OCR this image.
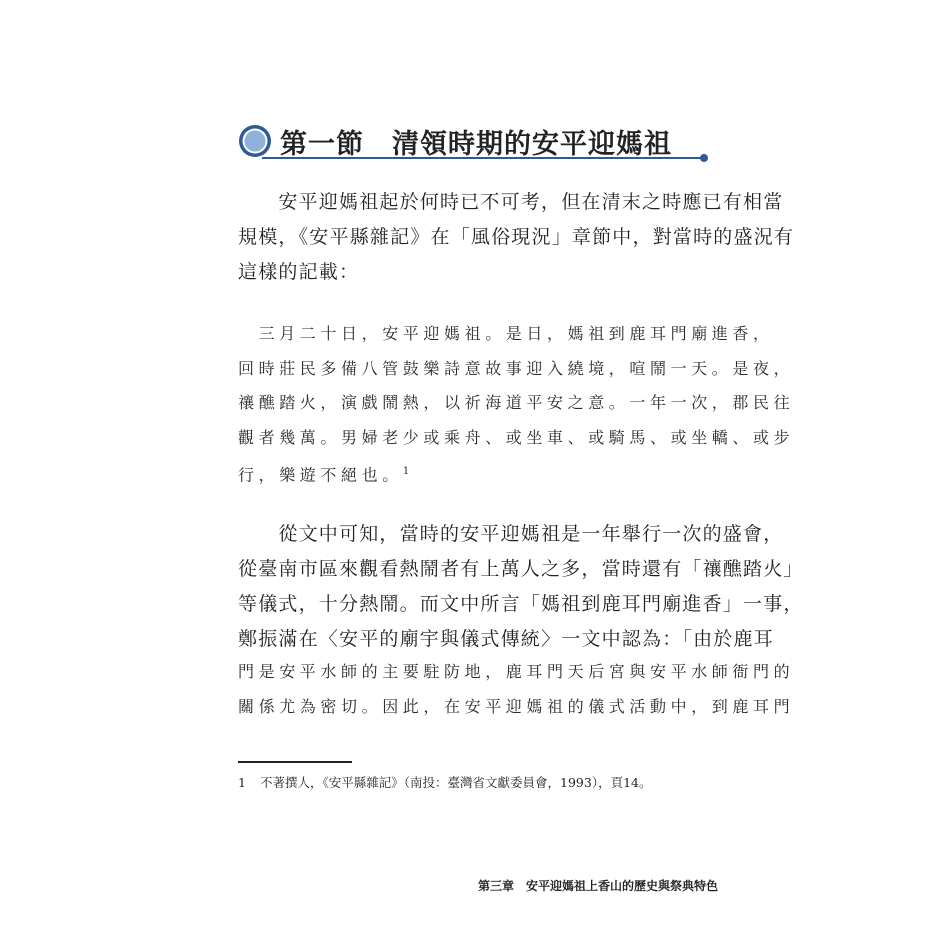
第一節　清領時期的安平迎媽祖
　　安平迎媽祖起於何時已不可考，但在清末之時應已有相當
規模，《安平縣雜記》在「風俗現況」章節中，對當時的盛況有
這樣的記載：
　三月二十日，安平迎媽祖。是日，媽祖到鹿耳門廟進香，
回時莊民多備八管鼓樂詩意故事迎入繞境，喧鬧一天。是夜，
禳醮踏火，演戲鬧熱，以祈海道平安之意。一年一次，郡民往
觀者幾萬。男婦老少或乘舟、或坐車、或騎馬、或坐轎、或步
行，樂遊不絕也。$^1$
　　從文中可知，當時的安平迎媽祖是一年舉行一次的盛會，
從臺南市區來觀看熱鬧者有上萬人之多，當時還有「禳醮踏火」
等儀式，十分熱鬧。而文中所言「媽祖到鹿耳門廟進香」一事，
鄭振滿在〈安平的廟宇與儀式傳統〉一文中認為：「由於鹿耳
門是安平水師的主要駐防地，鹿耳門天后宮與安平水師衙門的
關係尤為密切。因此，在安平迎媽祖的儀式活動中，到鹿耳門
1 不著撰人，《安平縣雜記》（南投：臺灣省文獻委員會，1993），頁14。
第三章　安平迎媽祖上香山的歷史與祭典特色
